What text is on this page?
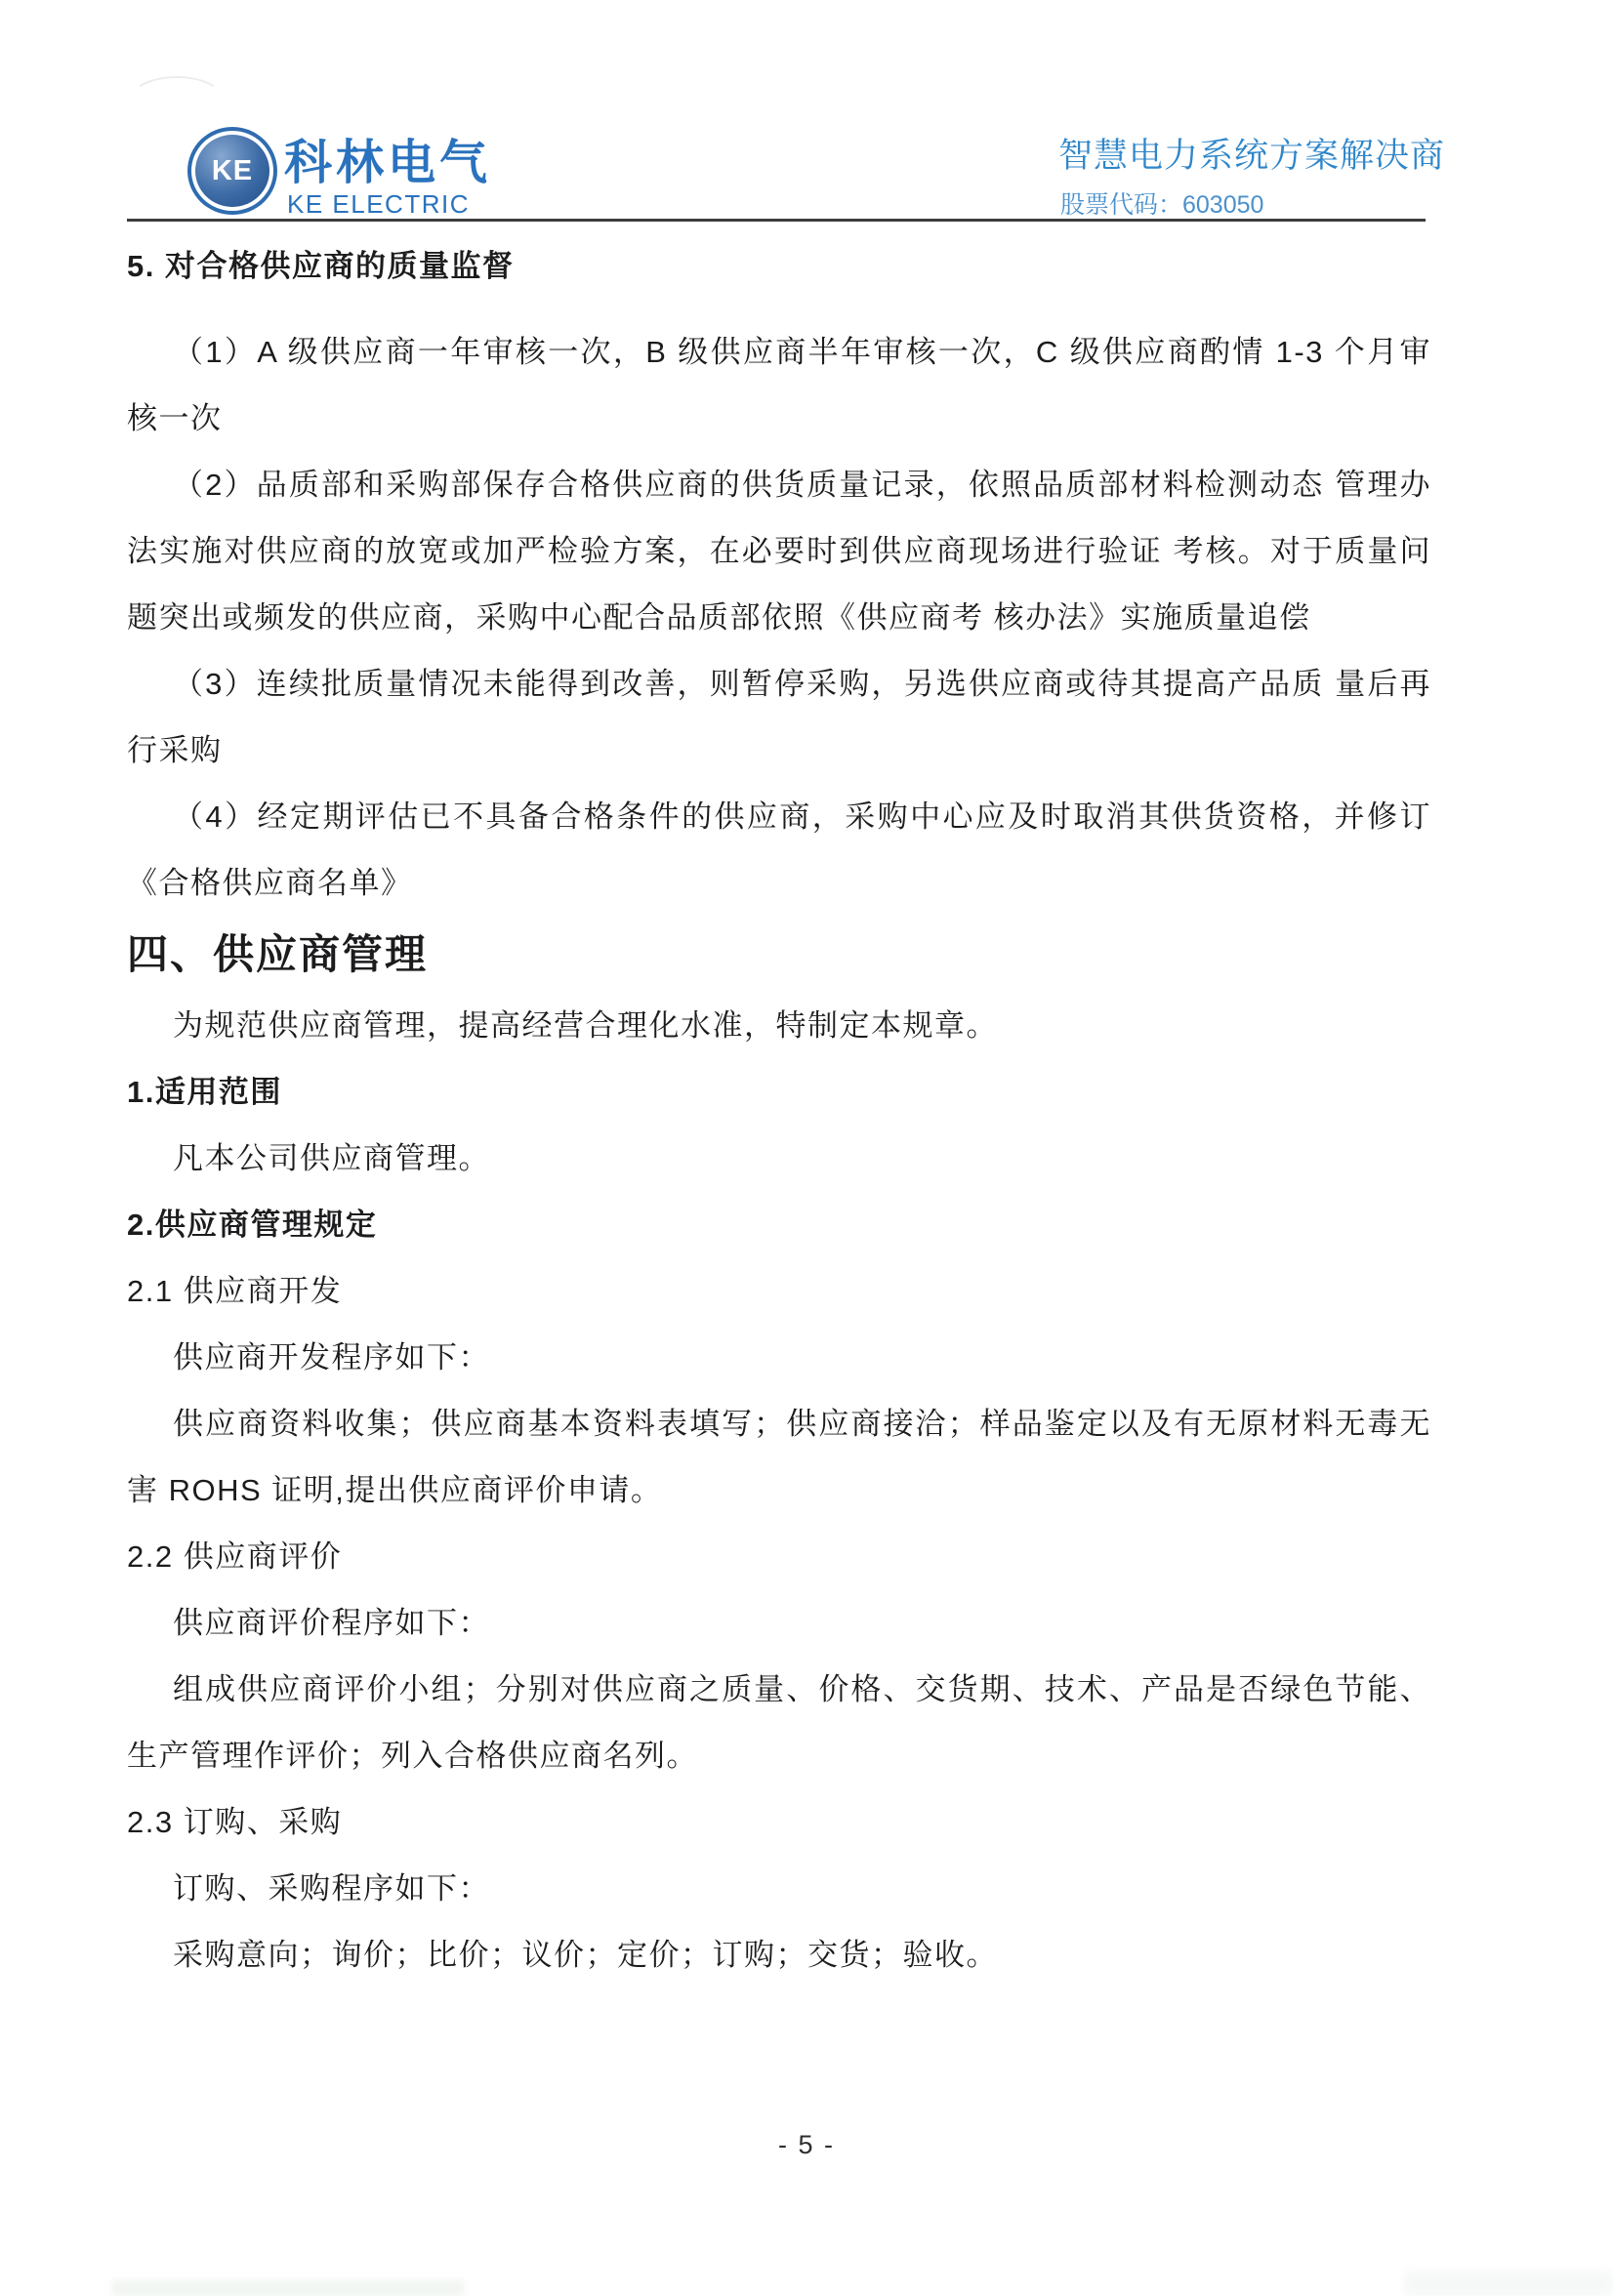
KE 科林电气
KE ELECTRIC
智慧电力系统方案解决商
股票代码：603050
5. 对合格供应商的质量监督

（1）A 级供应商一年审核一次，B 级供应商半年审核一次，C 级供应商酌情 1-3 个月审核一次

（2）品质部和采购部保存合格供应商的供货质量记录，依照品质部材料检测动态 管理办法实施对供应商的放宽或加严检验方案，在必要时到供应商现场进行验证 考核。对于质量问题突出或频发的供应商，采购中心配合品质部依照《供应商考 核办法》实施质量追偿

（3）连续批质量情况未能得到改善，则暂停采购，另选供应商或待其提高产品质 量后再行采购

（4）经定期评估已不具备合格条件的供应商，采购中心应及时取消其供货资格，并修订《合格供应商名单》

四、供应商管理

为规范供应商管理，提高经营合理化水准，特制定本规章。

1.适用范围

凡本公司供应商管理。

2.供应商管理规定

2.1 供应商开发

供应商开发程序如下：

供应商资料收集；供应商基本资料表填写；供应商接洽；样品鉴定以及有无原材料无毒无害 ROHS 证明,提出供应商评价申请。

2.2 供应商评价

供应商评价程序如下：

组成供应商评价小组；分别对供应商之质量、价格、交货期、技术、产品是否绿色节能、生产管理作评价；列入合格供应商名列。

2.3 订购、采购

订购、采购程序如下：

采购意向；询价；比价；议价；定价；订购；交货；验收。

- 5 -
